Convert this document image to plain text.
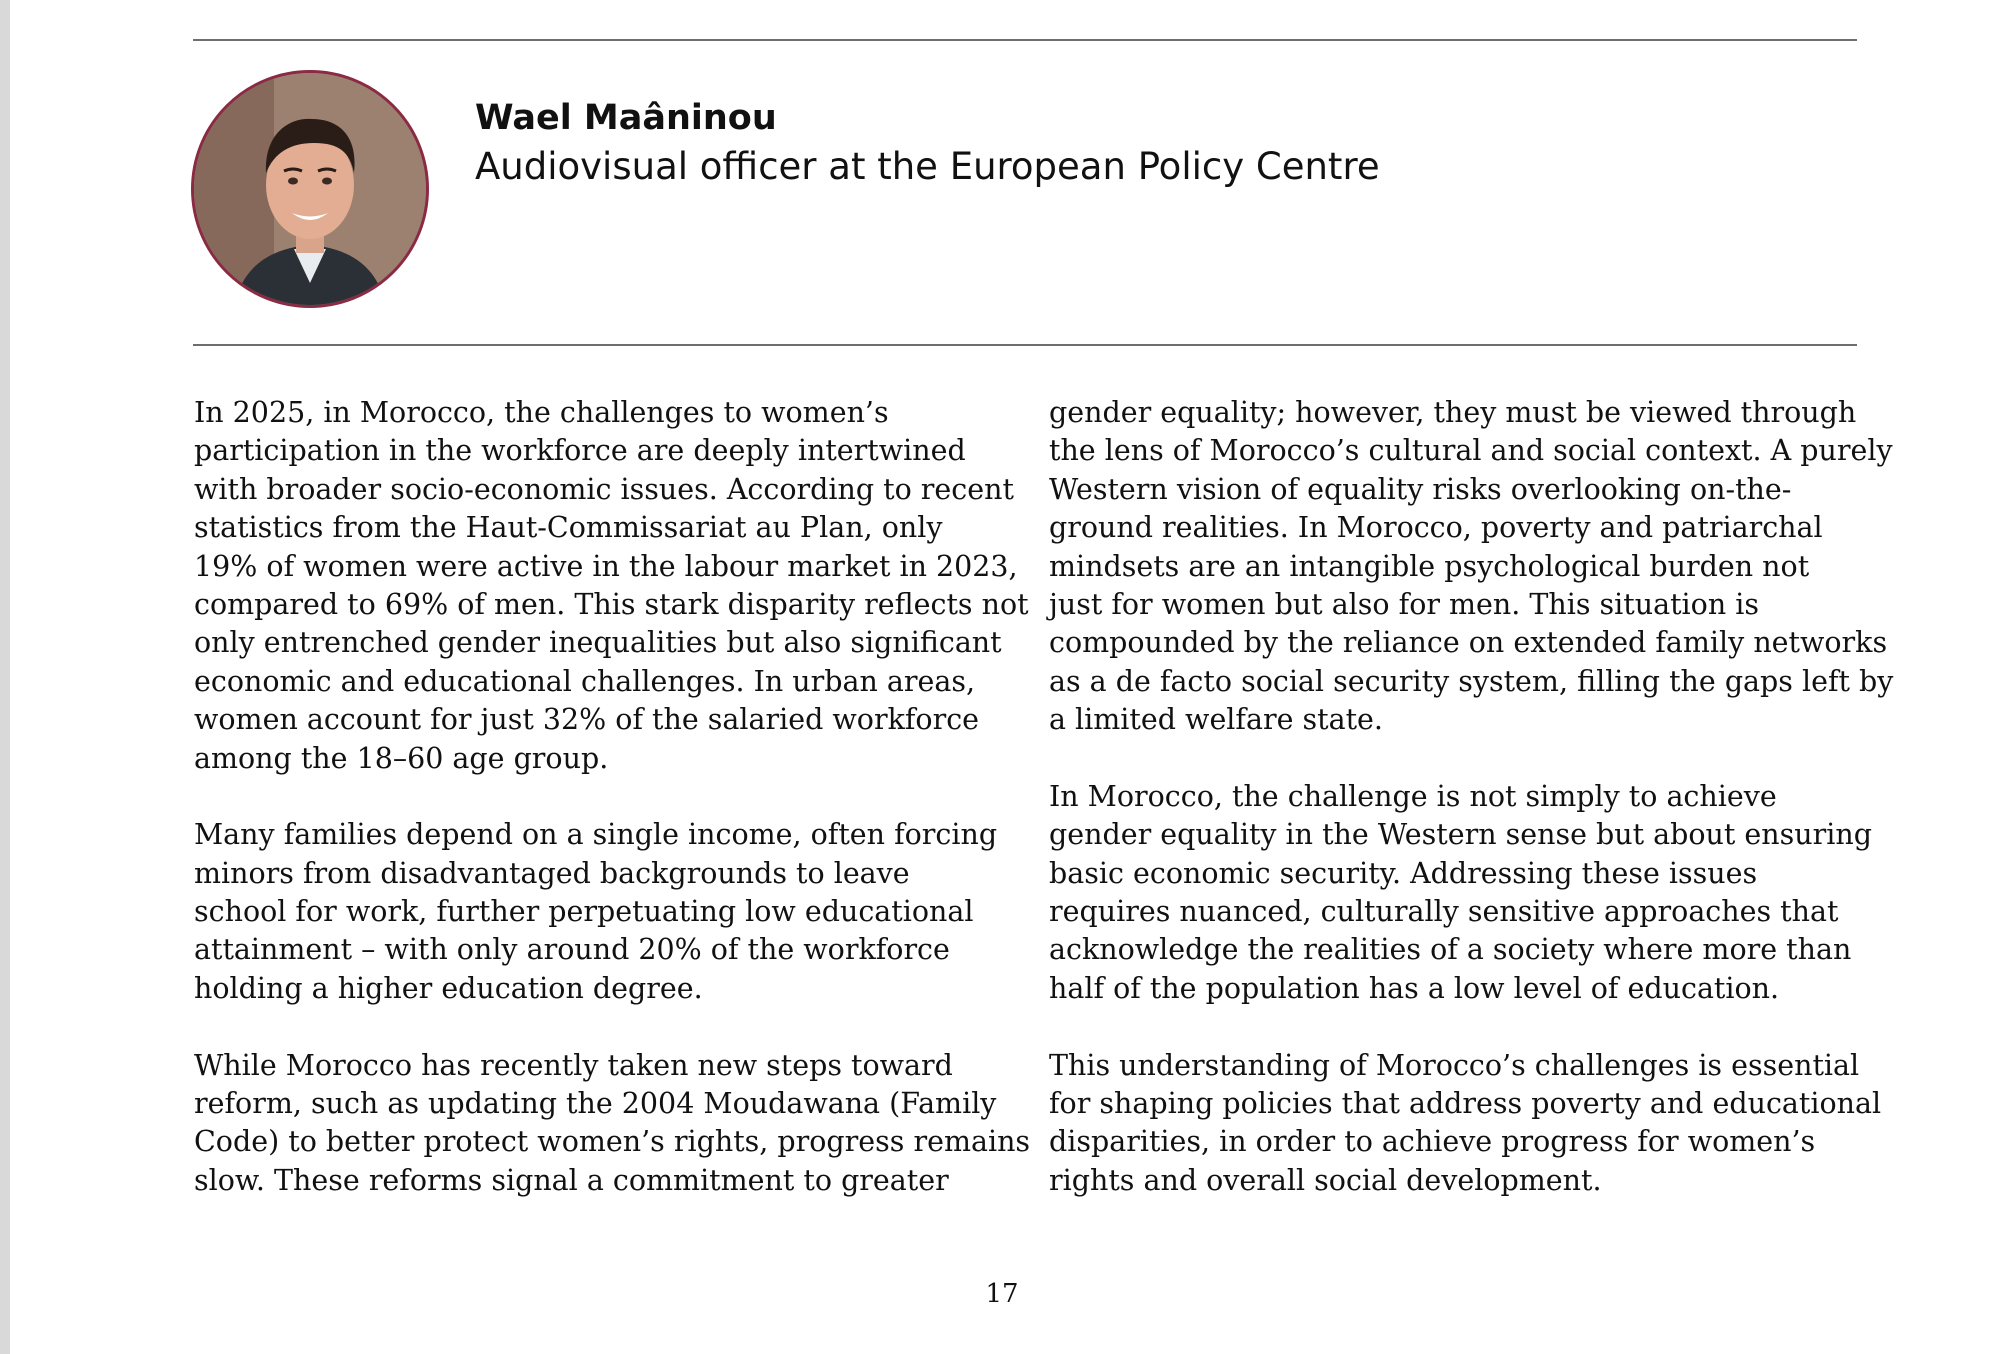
Wael Maâninou
Audiovisual officer at the European Policy Centre
In 2025, in Morocco, the challenges to women’s
participation in the workforce are deeply intertwined
with broader socio-economic issues. According to recent
statistics from the Haut-Commissariat au Plan, only
19% of women were active in the labour market in 2023,
compared to 69% of men. This stark disparity reflects not
only entrenched gender inequalities but also significant
economic and educational challenges. In urban areas,
women account for just 32% of the salaried workforce
among the 18–60 age group.
Many families depend on a single income, often forcing
minors from disadvantaged backgrounds to leave
school for work, further perpetuating low educational
attainment – with only around 20% of the workforce
holding a higher education degree.
While Morocco has recently taken new steps toward
reform, such as updating the 2004 Moudawana (Family
Code) to better protect women’s rights, progress remains
slow. These reforms signal a commitment to greater
gender equality; however, they must be viewed through
the lens of Morocco’s cultural and social context. A purely
Western vision of equality risks overlooking on-the-
ground realities. In Morocco, poverty and patriarchal
mindsets are an intangible psychological burden not
just for women but also for men. This situation is
compounded by the reliance on extended family networks
as a de facto social security system, filling the gaps left by
a limited welfare state.
In Morocco, the challenge is not simply to achieve
gender equality in the Western sense but about ensuring
basic economic security. Addressing these issues
requires nuanced, culturally sensitive approaches that
acknowledge the realities of a society where more than
half of the population has a low level of education.
This understanding of Morocco’s challenges is essential
for shaping policies that address poverty and educational
disparities, in order to achieve progress for women’s
rights and overall social development.
17
